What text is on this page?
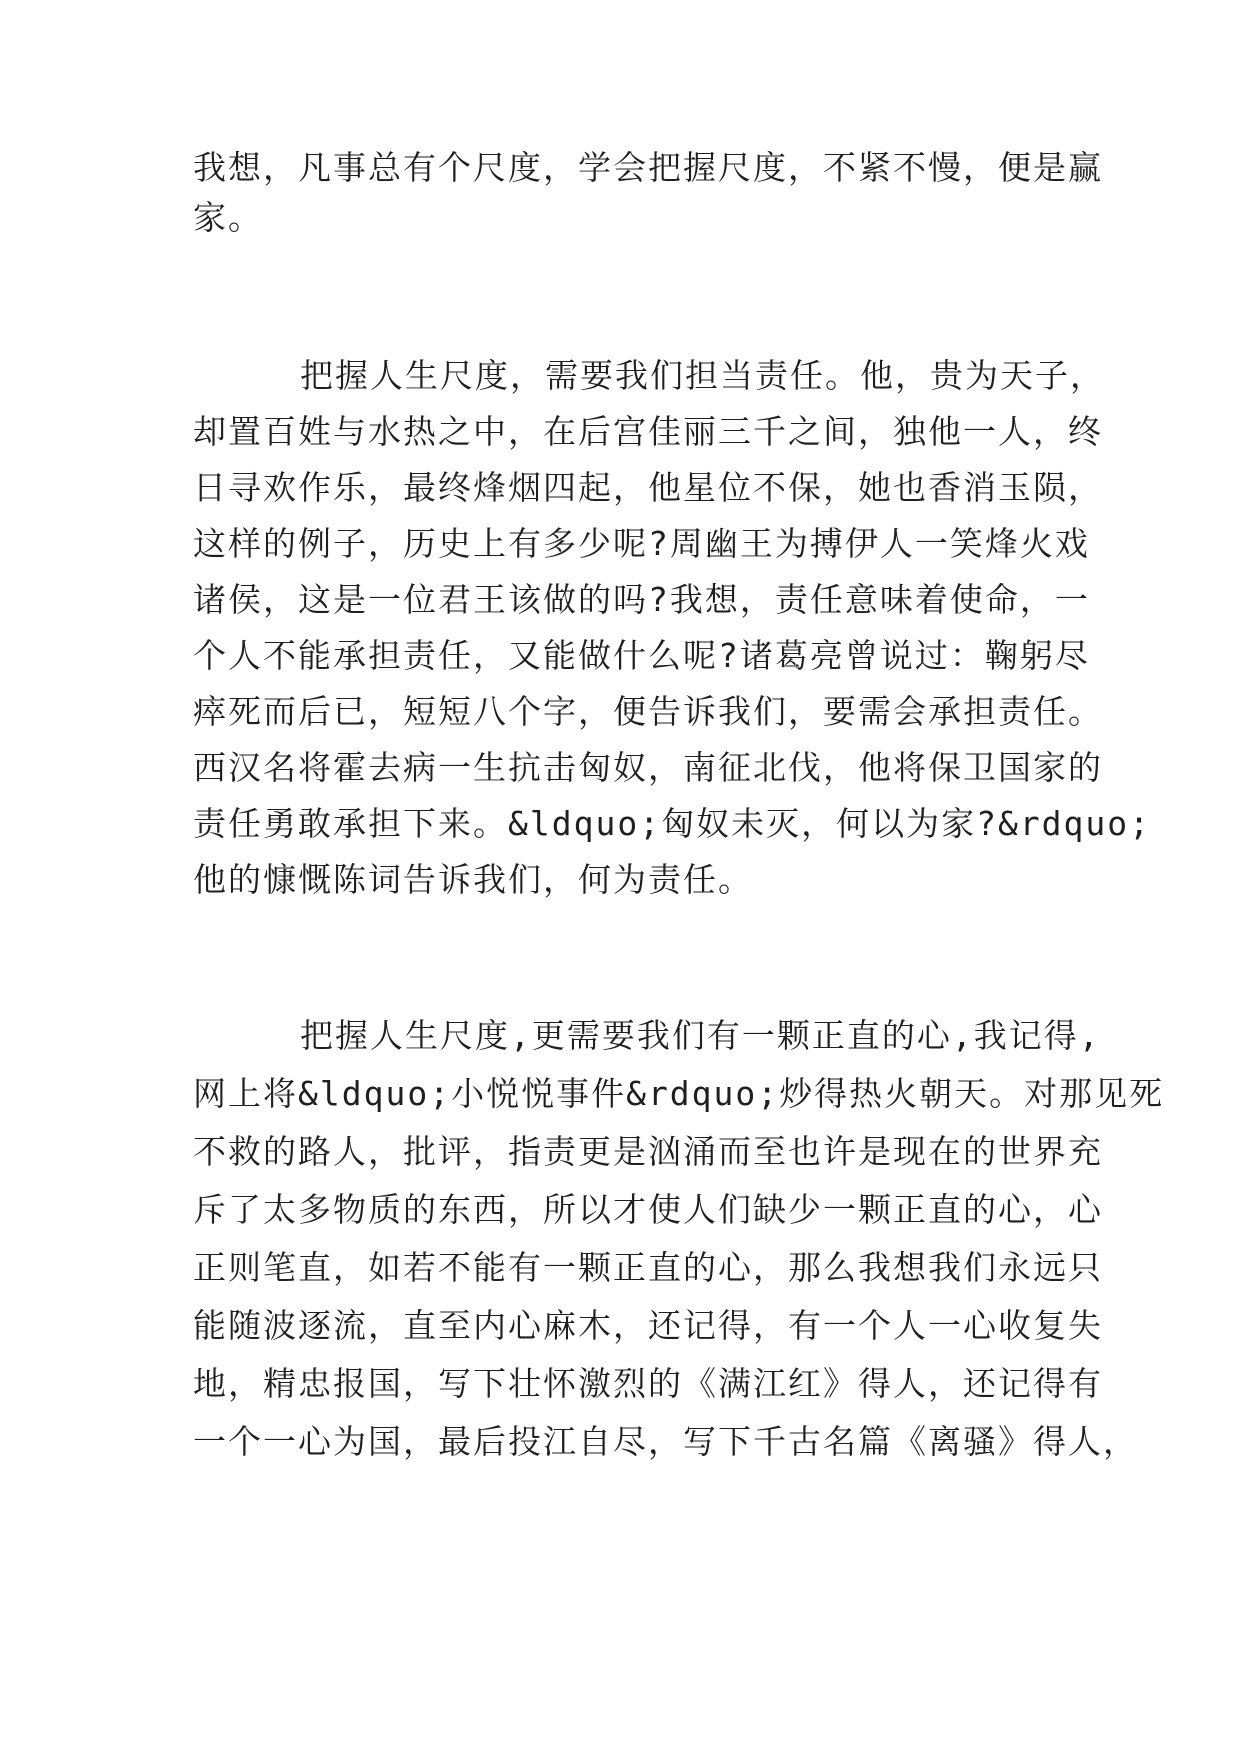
我想，凡事总有个尺度，学会把握尺度，不紧不慢，便是赢

家。

把握人生尺度，需要我们担当责任。他，贵为天子，

却置百姓与水热之中，在后宫佳丽三千之间，独他一人，终

日寻欢作乐，最终烽烟四起，他星位不保，她也香消玉陨，

这样的例子，历史上有多少呢?周幽王为搏伊人一笑烽火戏

诸侯，这是一位君王该做的吗?我想，责任意味着使命，一

个人不能承担责任，又能做什么呢?诸葛亮曾说过：鞠躬尽

瘁死而后已，短短八个字，便告诉我们，要需会承担责任。

西汉名将霍去病一生抗击匈奴，南征北伐，他将保卫国家的

责任勇敢承担下来。&ldquo;匈奴未灭，何以为家?&rdquo;

他的慷慨陈词告诉我们，何为责任。

把握人生尺度,更需要我们有一颗正直的心,我记得,

网上将&ldquo;小悦悦事件&rdquo;炒得热火朝天。对那见死

不救的路人，批评，指责更是汹涌而至也许是现在的世界充

斥了太多物质的东西，所以才使人们缺少一颗正直的心，心

正则笔直，如若不能有一颗正直的心，那么我想我们永远只

能随波逐流，直至内心麻木，还记得，有一个人一心收复失

地，精忠报国，写下壮怀激烈的《满江红》得人，还记得有

一个一心为国，最后投江自尽，写下千古名篇《离骚》得人，
